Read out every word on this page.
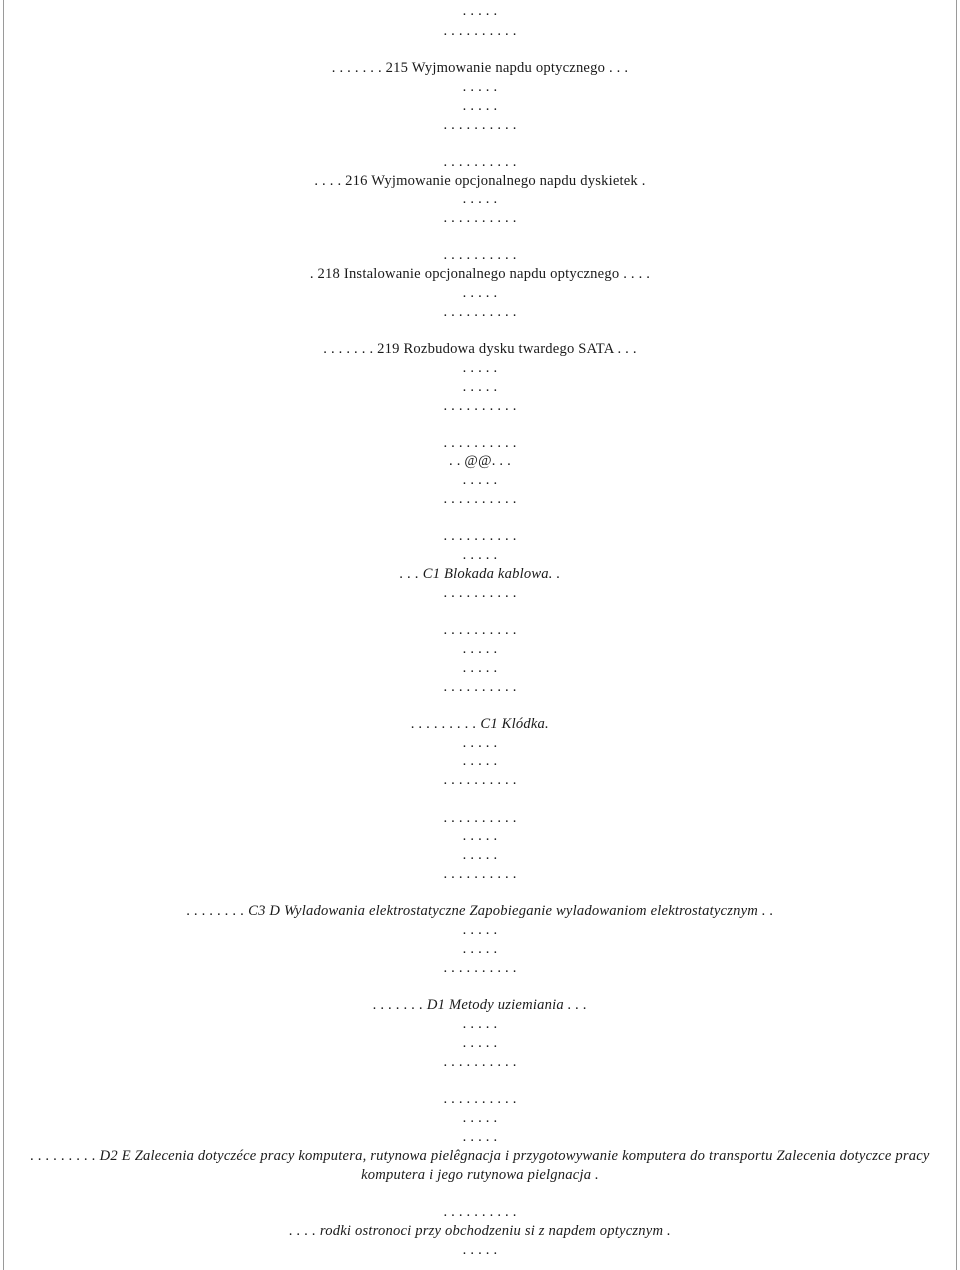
. . . . .
. . . . . . . . . .
. . . . . . . 215 Wyjmowanie napdu optycznego . . .
. . . . .
. . . . .
. . . . . . . . . .
. . . . . . . . . .
. . . . 216 Wyjmowanie opcjonalnego napdu dyskietek .
. . . . .
. . . . . . . . . .
. . . . . . . . . .
. 218 Instalowanie opcjonalnego napdu optycznego . . . .
. . . . .
. . . . . . . . . .
. . . . . . . 219 Rozbudowa dysku twardego SATA . . .
. . . . .
. . . . .
. . . . . . . . . .
. . . . . . . . . .
. . @@. . .
. . . . .
. . . . . . . . . .
. . . . . . . . . .
. . . . .
. . . C1 Blokada kablowa. .
. . . . . . . . . .
. . . . . . . . . .
. . . . .
. . . . .
. . . . . . . . . .
. . . . . . . . . C1 Klódka.
. . . . .
. . . . .
. . . . . . . . . .
. . . . . . . . . .
. . . . .
. . . . .
. . . . . . . . . .
. . . . . . . . C3 D Wyladowania elektrostatyczne Zapobieganie wyladowaniom elektrostatycznym . .
. . . . .
. . . . .
. . . . . . . . . .
. . . . . . . D1 Metody uziemiania . . .
. . . . .
. . . . .
. . . . . . . . . .
. . . . . . . . . .
. . . . .
. . . . .
. . . . . . . . . D2 E Zalecenia dotyczéce pracy komputera, rutynowa pielêgnacja i przygotowywanie komputera do transportu Zalecenia dotyczce pracy komputera i jego rutynowa pielgnacja .
. . . . . . . . . .
. . . . rodki ostronoci przy obchodzeniu si z napdem optycznym .
. . . . .
